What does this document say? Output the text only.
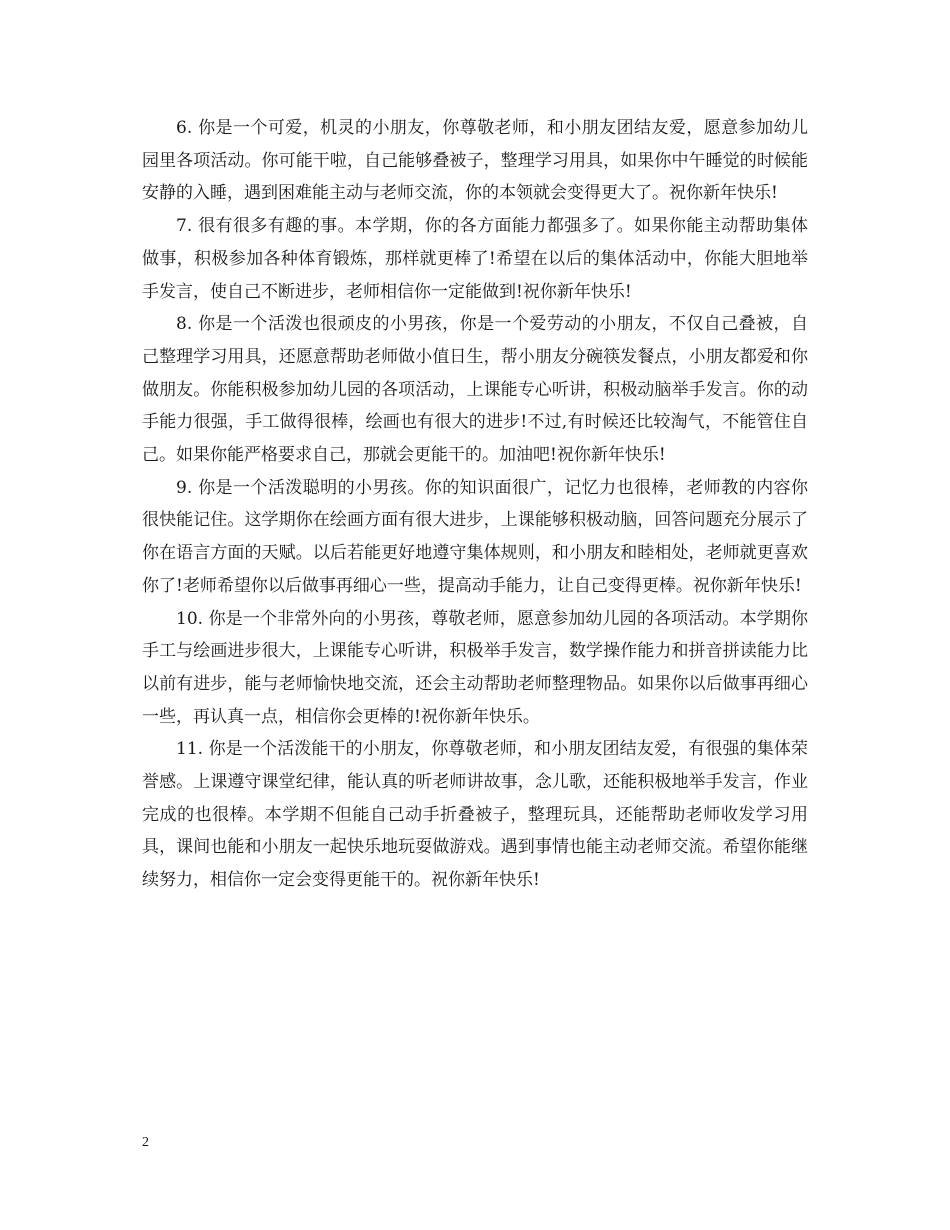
6. 你是一个可爱，机灵的小朋友，你尊敬老师，和小朋友团结友爱，愿意参加幼儿园里各项活动。你可能干啦，自己能够叠被子，整理学习用具，如果你中午睡觉的时候能安静的入睡，遇到困难能主动与老师交流，你的本领就会变得更大了。祝你新年快乐!

7. 很有很多有趣的事。本学期，你的各方面能力都强多了。如果你能主动帮助集体做事，积极参加各种体育锻炼，那样就更棒了!希望在以后的集体活动中，你能大胆地举手发言，使自己不断进步，老师相信你一定能做到!祝你新年快乐!

8. 你是一个活泼也很顽皮的小男孩，你是一个爱劳动的小朋友，不仅自己叠被，自己整理学习用具，还愿意帮助老师做小值日生，帮小朋友分碗筷发餐点，小朋友都爱和你做朋友。你能积极参加幼儿园的各项活动，上课能专心听讲，积极动脑举手发言。你的动手能力很强，手工做得很棒，绘画也有很大的进步!不过,有时候还比较淘气，不能管住自己。如果你能严格要求自己，那就会更能干的。加油吧!祝你新年快乐!

9. 你是一个活泼聪明的小男孩。你的知识面很广，记忆力也很棒，老师教的内容你很快能记住。这学期你在绘画方面有很大进步，上课能够积极动脑，回答问题充分展示了你在语言方面的天赋。以后若能更好地遵守集体规则，和小朋友和睦相处，老师就更喜欢你了!老师希望你以后做事再细心一些，提高动手能力，让自己变得更棒。祝你新年快乐!

10. 你是一个非常外向的小男孩，尊敬老师，愿意参加幼儿园的各项活动。本学期你手工与绘画进步很大，上课能专心听讲，积极举手发言，数学操作能力和拼音拼读能力比以前有进步，能与老师愉快地交流，还会主动帮助老师整理物品。如果你以后做事再细心一些，再认真一点，相信你会更棒的!祝你新年快乐。

11. 你是一个活泼能干的小朋友，你尊敬老师，和小朋友团结友爱，有很强的集体荣誉感。上课遵守课堂纪律，能认真的听老师讲故事，念儿歌，还能积极地举手发言，作业完成的也很棒。本学期不但能自己动手折叠被子，整理玩具，还能帮助老师收发学习用具，课间也能和小朋友一起快乐地玩耍做游戏。遇到事情也能主动老师交流。希望你能继续努力，相信你一定会变得更能干的。祝你新年快乐!

2
